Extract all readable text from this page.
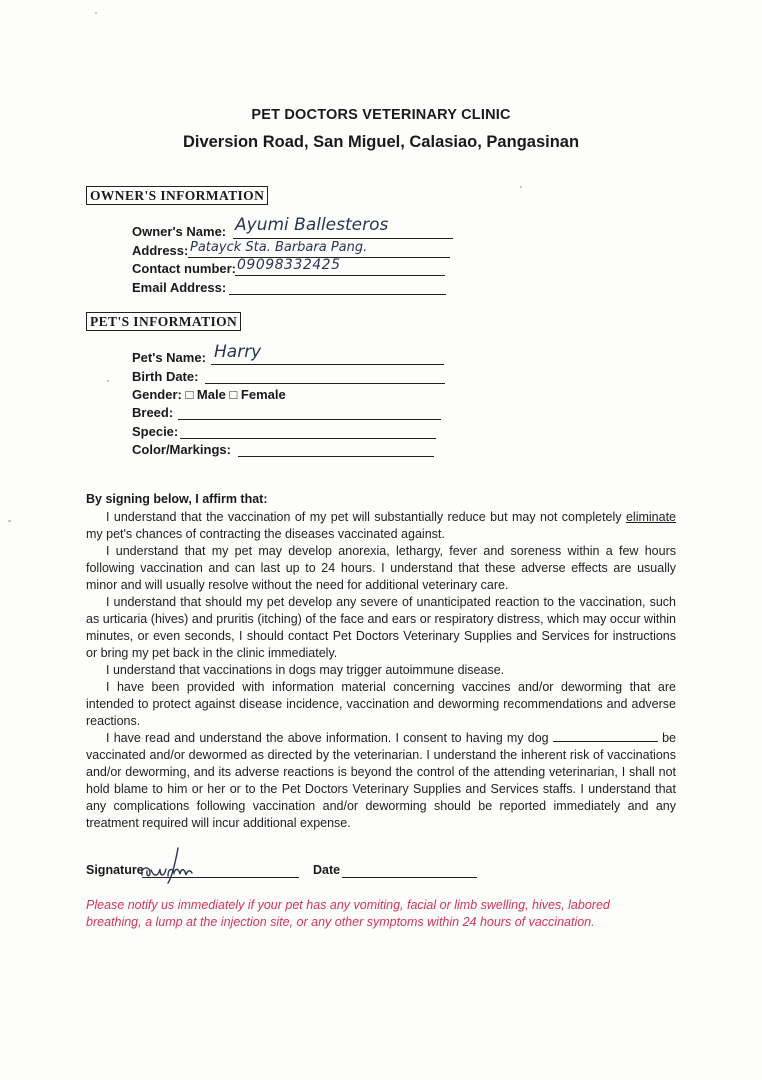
PET DOCTORS VETERINARY CLINIC
Diversion Road, San Miguel, Calasiao, Pangasinan
OWNER'S INFORMATION
Owner's Name: Ayumi Ballesteros
Address: Patayck Sta. Barbara Pang.
Contact number: 09098332425
Email Address:
PET'S INFORMATION
Pet's Name: Harry
Birth Date:
Gender: □ Male □ Female
Breed:
Specie:
Color/Markings:
By signing below, I affirm that:

I understand that the vaccination of my pet will substantially reduce but may not completely eliminate my pet's chances of contracting the diseases vaccinated against.

I understand that my pet may develop anorexia, lethargy, fever and soreness within a few hours following vaccination and can last up to 24 hours. I understand that these adverse effects are usually minor and will usually resolve without the need for additional veterinary care.

I understand that should my pet develop any severe of unanticipated reaction to the vaccination, such as urticaria (hives) and pruritis (itching) of the face and ears or respiratory distress, which may occur within minutes, or even seconds, I should contact Pet Doctors Veterinary Supplies and Services for instructions or bring my pet back in the clinic immediately.

I understand that vaccinations in dogs may trigger autoimmune disease.

I have been provided with information material concerning vaccines and/or deworming that are intended to protect against disease incidence, vaccination and deworming recommendations and adverse reactions.

I have read and understand the above information. I consent to having my dog	be vaccinated and/or dewormed as directed by the veterinarian. I understand the inherent risk of vaccinations and/or deworming, and its adverse reactions is beyond the control of the attending veterinarian, I shall not hold blame to him or her or to the Pet Doctors Veterinary Supplies and Services staffs. I understand that any complications following vaccination and/or deworming should be reported immediately and any treatment required will incur additional expense.

Signature	Date
Please notify us immediately if your pet has any vomiting, facial or limb swelling, hives, labored breathing, a lump at the injection site, or any other symptoms within 24 hours of vaccination.
